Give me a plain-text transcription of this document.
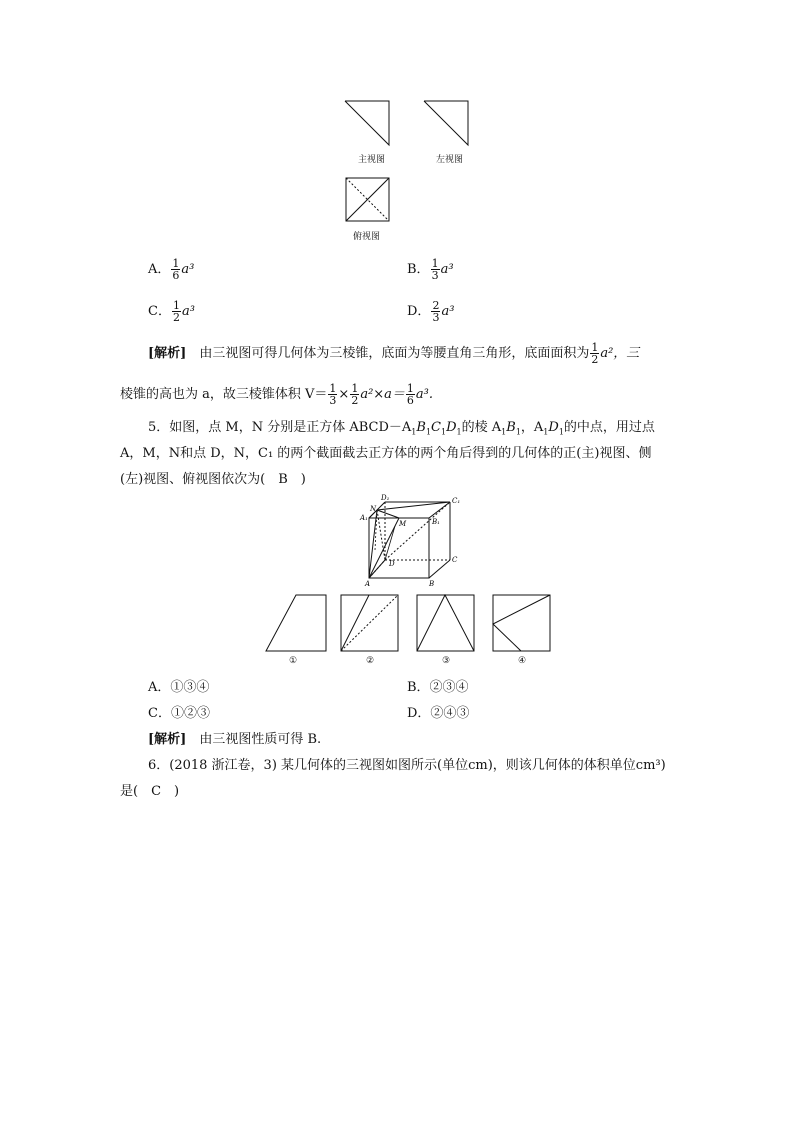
主视图	左视图
俯视图
A． $\frac{1}{6} a^3$	B． $\frac{1}{3} a^3$
C． $\frac{1}{2} a^3$	D． $\frac{2}{3} a^3$
[解析]　 由三视图可得几何体为三棱锥，底面为等腰直角三角形，底面面积为 $\frac{1}{2} a^2$，三
棱锥的高也为 a，故三棱锥体积 $V= \frac{1}{3} \times \frac{1}{2} a^2\times a= \frac{1}{6} a^3$.
5．如图，点 M，N 分别是正方体 $ABCD-A_1B_1C_1D_1$的棱 $A_1B_1$，$A_1D_1$的中点，用过点
A，M，N和点 D，N，C₁ 的两个截面截去正方体的两个角后得到的几何体的正(主)视图、侧
(左)视图、俯视图依次为(　B　)
D₁
N
C₁
A₁
M	B₁
D	C
A	B
①	②	③	④
A．①③④	B．②③④
C．①②③	D．②④③
[解析]　 由三视图性质可得 B.
6．(2018 浙江卷，3) 某几何体的三视图如图所示(单位cm)，则该几何体的体积单位cm³)
是(　C　)
